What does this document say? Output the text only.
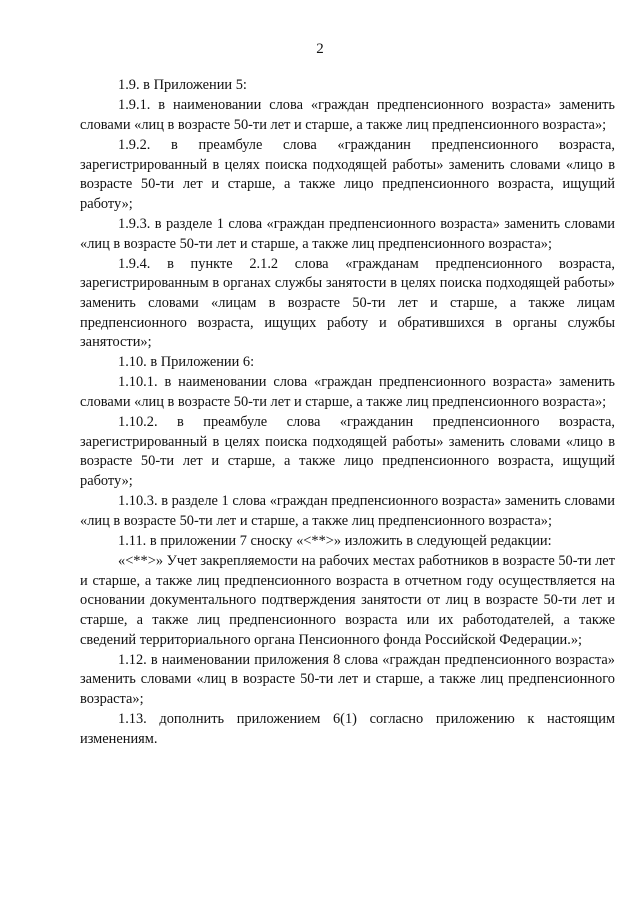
2

1.9. в Приложении 5:

1.9.1. в наименовании слова «граждан предпенсионного возраста» заменить словами «лиц в возрасте 50-ти лет и старше, а также лиц предпенсионного возраста»;

1.9.2. в преамбуле слова «гражданин предпенсионного возраста, зарегистрированный в целях поиска подходящей работы» заменить словами «лицо в возрасте 50-ти лет и старше, а также лицо предпенсионного возраста, ищущий работу»;

1.9.3. в разделе 1 слова «граждан предпенсионного возраста» заменить словами «лиц в возрасте 50-ти лет и старше, а также лиц предпенсионного возраста»;

1.9.4. в пункте 2.1.2 слова «гражданам предпенсионного возраста, зарегистрированным в органах службы занятости в целях поиска подходящей работы» заменить словами «лицам в возрасте 50-ти лет и старше, а также лицам предпенсионного возраста, ищущих работу и обратившихся в органы службы занятости»;

1.10. в Приложении 6:

1.10.1. в наименовании слова «граждан предпенсионного возраста» заменить словами «лиц в возрасте 50-ти лет и старше, а также лиц предпенсионного возраста»;

1.10.2. в преамбуле слова «гражданин предпенсионного возраста, зарегистрированный в целях поиска подходящей работы» заменить словами «лицо в возрасте 50-ти лет и старше, а также лицо предпенсионного возраста, ищущий работу»;

1.10.3. в разделе 1 слова «граждан предпенсионного возраста» заменить словами «лиц в возрасте 50-ти лет и старше, а также лиц предпенсионного возраста»;

1.11. в приложении 7 сноску «<**>» изложить в следующей редакции:

«<**>» Учет закрепляемости на рабочих местах работников в возрасте 50-ти лет и старше, а также лиц предпенсионного возраста в отчетном году осуществляется на основании документального подтверждения занятости от лиц в возрасте 50-ти лет и старше, а также лиц предпенсионного возраста или их работодателей, а также сведений территориального органа Пенсионного фонда Российской Федерации.»;

1.12. в наименовании приложения 8 слова «граждан предпенсионного возраста» заменить словами «лиц в возрасте 50-ти лет и старше, а также лиц предпенсионного возраста»;

1.13. дополнить приложением 6(1) согласно приложению к настоящим изменениям.
